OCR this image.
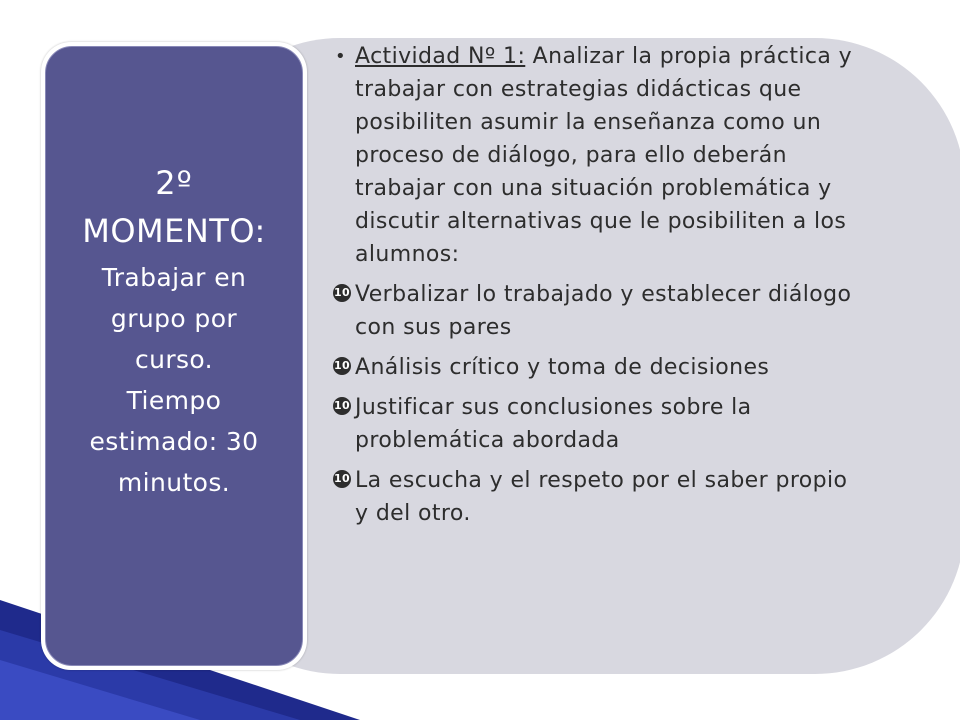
• Actividad Nº 1: Analizar la propia práctica y trabajar con estrategias didácticas que posibiliten asumir la enseñanza como un proceso de diálogo, para ello deberán trabajar con una situación problemática y discutir alternativas que le posibiliten a los alumnos:

10 Verbalizar lo trabajado y establecer diálogo con sus pares
10 Análisis crítico y toma de decisiones
10 Justificar sus conclusiones sobre la problemática abordada
10 La escucha y el respeto por el saber propio y del otro.
2º
MOMENTO:
Trabajar en
grupo por
curso.
Tiempo
estimado: 30
minutos.
